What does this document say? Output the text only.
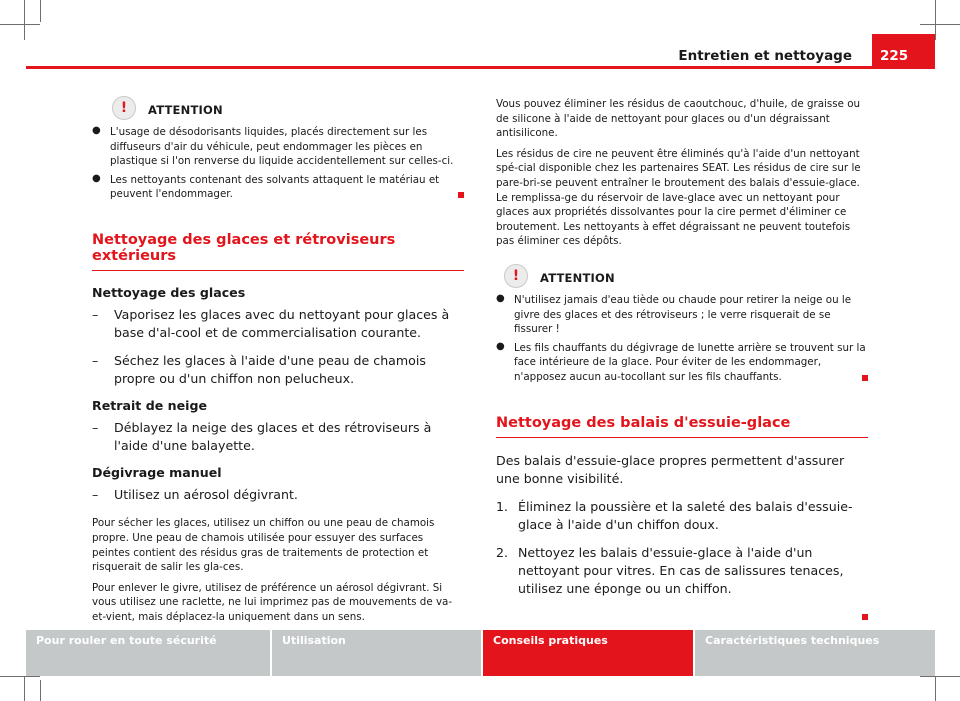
Entretien et nettoyage 225
!	ATTENTION
● L'usage de désodorisants liquides, placés directement sur les diffuseurs d'air du véhicule, peut endommager les pièces en plastique si l'on renverse du liquide accidentellement sur celles-ci.

● Les nettoyants contenant des solvants attaquent le matériau et peuvent l'endommager.

Nettoyage des glaces et rétroviseurs extérieurs

Nettoyage des glaces

–	Vaporisez les glaces avec du nettoyant pour glaces à base d'al-cool et de commercialisation courante.

–	Séchez les glaces à l'aide d'une peau de chamois propre ou d'un chiffon non pelucheux.

Retrait de neige

–	Déblayez la neige des glaces et des rétroviseurs à l'aide d'une balayette.

Dégivrage manuel

–	Utilisez un aérosol dégivrant.

Pour sécher les glaces, utilisez un chiffon ou une peau de chamois propre. Une peau de chamois utilisée pour essuyer des surfaces peintes contient des résidus gras de traitements de protection et risquerait de salir les gla-ces.

Pour enlever le givre, utilisez de préférence un aérosol dégivrant. Si vous utilisez une raclette, ne lui imprimez pas de mouvements de va-et-vient, mais déplacez-la uniquement dans un sens.

Vous pouvez éliminer les résidus de caoutchouc, d'huile, de graisse ou de silicone à l'aide de nettoyant pour glaces ou d'un dégraissant antisilicone.

Les résidus de cire ne peuvent être éliminés qu'à l'aide d'un nettoyant spé-cial disponible chez les partenaires SEAT. Les résidus de cire sur le pare-bri-se peuvent entraîner le broutement des balais d'essuie-glace. Le remplissa-ge du réservoir de lave-glace avec un nettoyant pour glaces aux propriétés dissolvantes pour la cire permet d'éliminer ce broutement. Les nettoyants à effet dégraissant ne peuvent toutefois pas éliminer ces dépôts.

!	ATTENTION
● N'utilisez jamais d'eau tiède ou chaude pour retirer la neige ou le givre des glaces et des rétroviseurs ; le verre risquerait de se fissurer !

● Les fils chauffants du dégivrage de lunette arrière se trouvent sur la face intérieure de la glace. Pour éviter de les endommager, n'apposez aucun au-tocollant sur les fils chauffants.

Nettoyage des balais d'essuie-glace

Des balais d'essuie-glace propres permettent d'assurer une bonne visibilité.

1. Éliminez la poussière et la saleté des balais d'essuie-glace à l'aide d'un chiffon doux.

2. Nettoyez les balais d'essuie-glace à l'aide d'un nettoyant pour vitres. En cas de salissures tenaces, utilisez une éponge ou un chiffon.

Pour rouler en toute sécurité	Utilisation	Conseils pratiques	Caractéristiques techniques
